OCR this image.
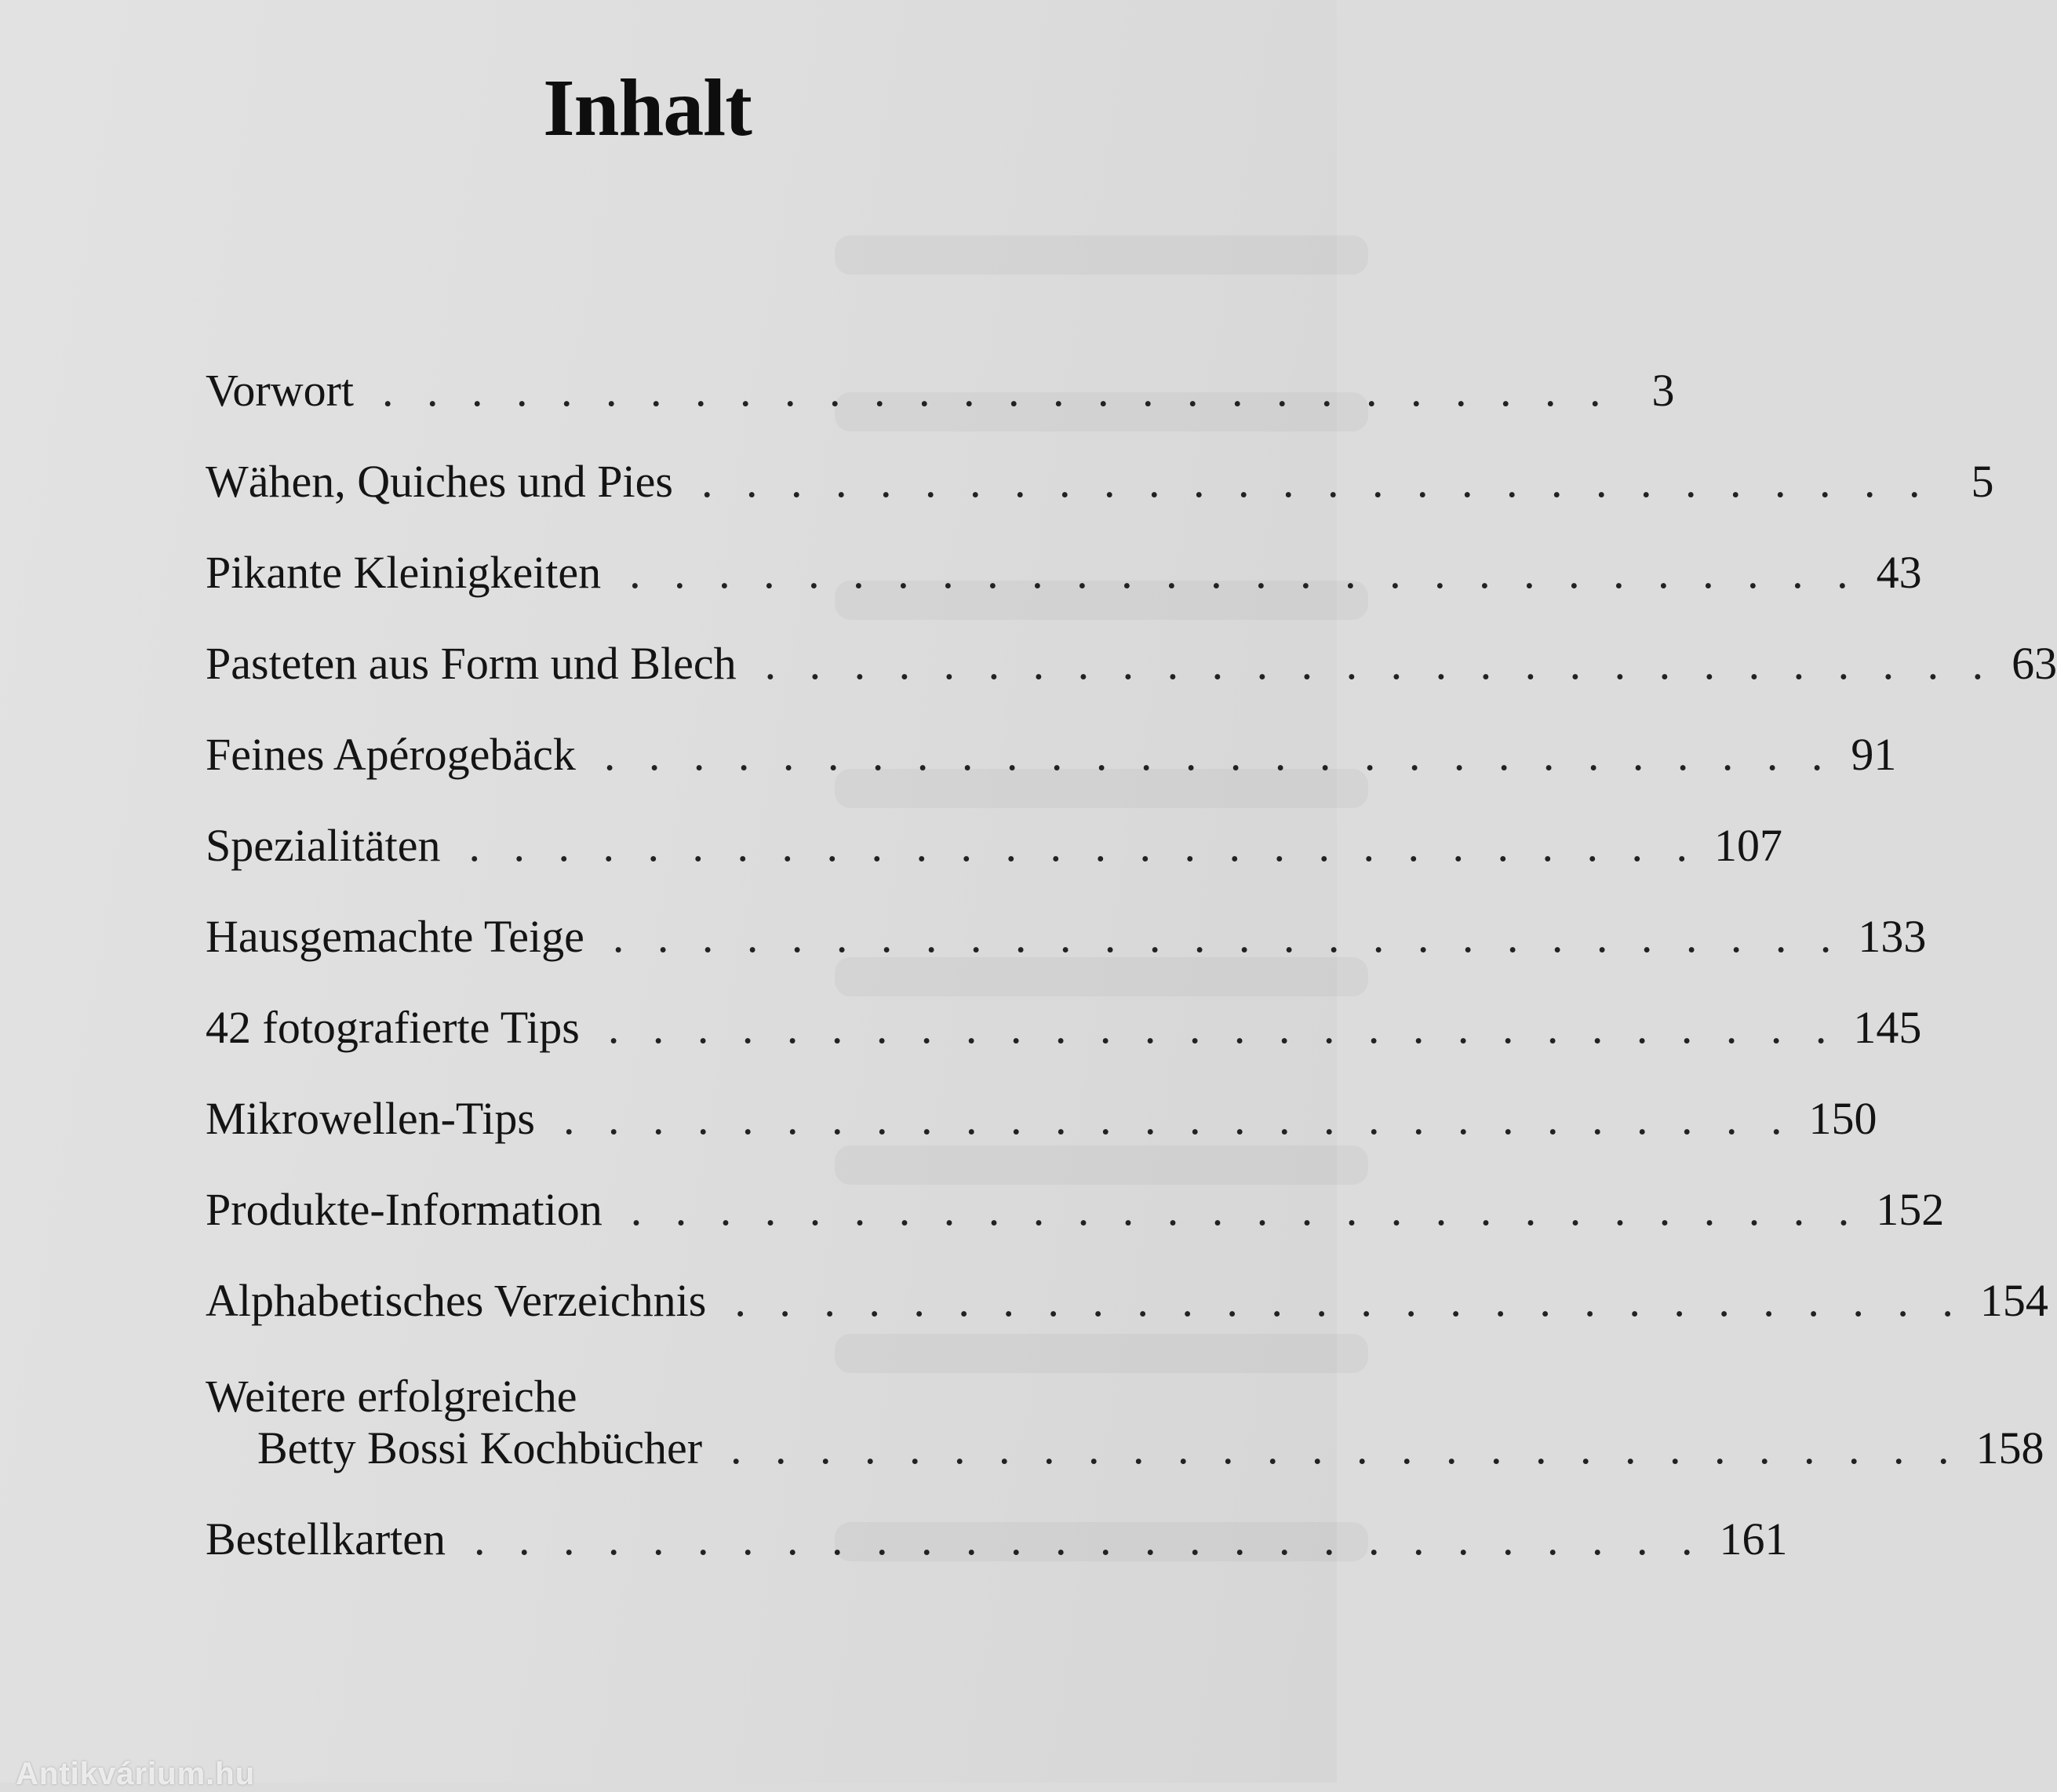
Inhalt
Vorwort . . . . . . . . . . . . . . . . . . . . . . . . . . . . 3
Wähen, Quiches und Pies . . . . . . . . . . . . . . . . . . . . . . . . . . . . 5
Pikante Kleinigkeiten . . . . . . . . . . . . . . . . . . . . . . . . . . . . 43
Pasteten aus Form und Blech . . . . . . . . . . . . . . . . . . . . . . . . . . . . 63
Feines Apérogebäck . . . . . . . . . . . . . . . . . . . . . . . . . . . . 91
Spezialitäten . . . . . . . . . . . . . . . . . . . . . . . . . . . . 107
Hausgemachte Teige . . . . . . . . . . . . . . . . . . . . . . . . . . . . 133
42 fotografierte Tips . . . . . . . . . . . . . . . . . . . . . . . . . . . . 145
Mikrowellen-Tips . . . . . . . . . . . . . . . . . . . . . . . . . . . . 150
Produkte-Information . . . . . . . . . . . . . . . . . . . . . . . . . . . . 152
Alphabetisches Verzeichnis . . . . . . . . . . . . . . . . . . . . . . . . . . . . 154
Weitere erfolgreiche
Betty Bossi Kochbücher . . . . . . . . . . . . . . . . . . . . . . . . . . . . 158
Bestellkarten . . . . . . . . . . . . . . . . . . . . . . . . . . . . 161
Antikvárium.hu
